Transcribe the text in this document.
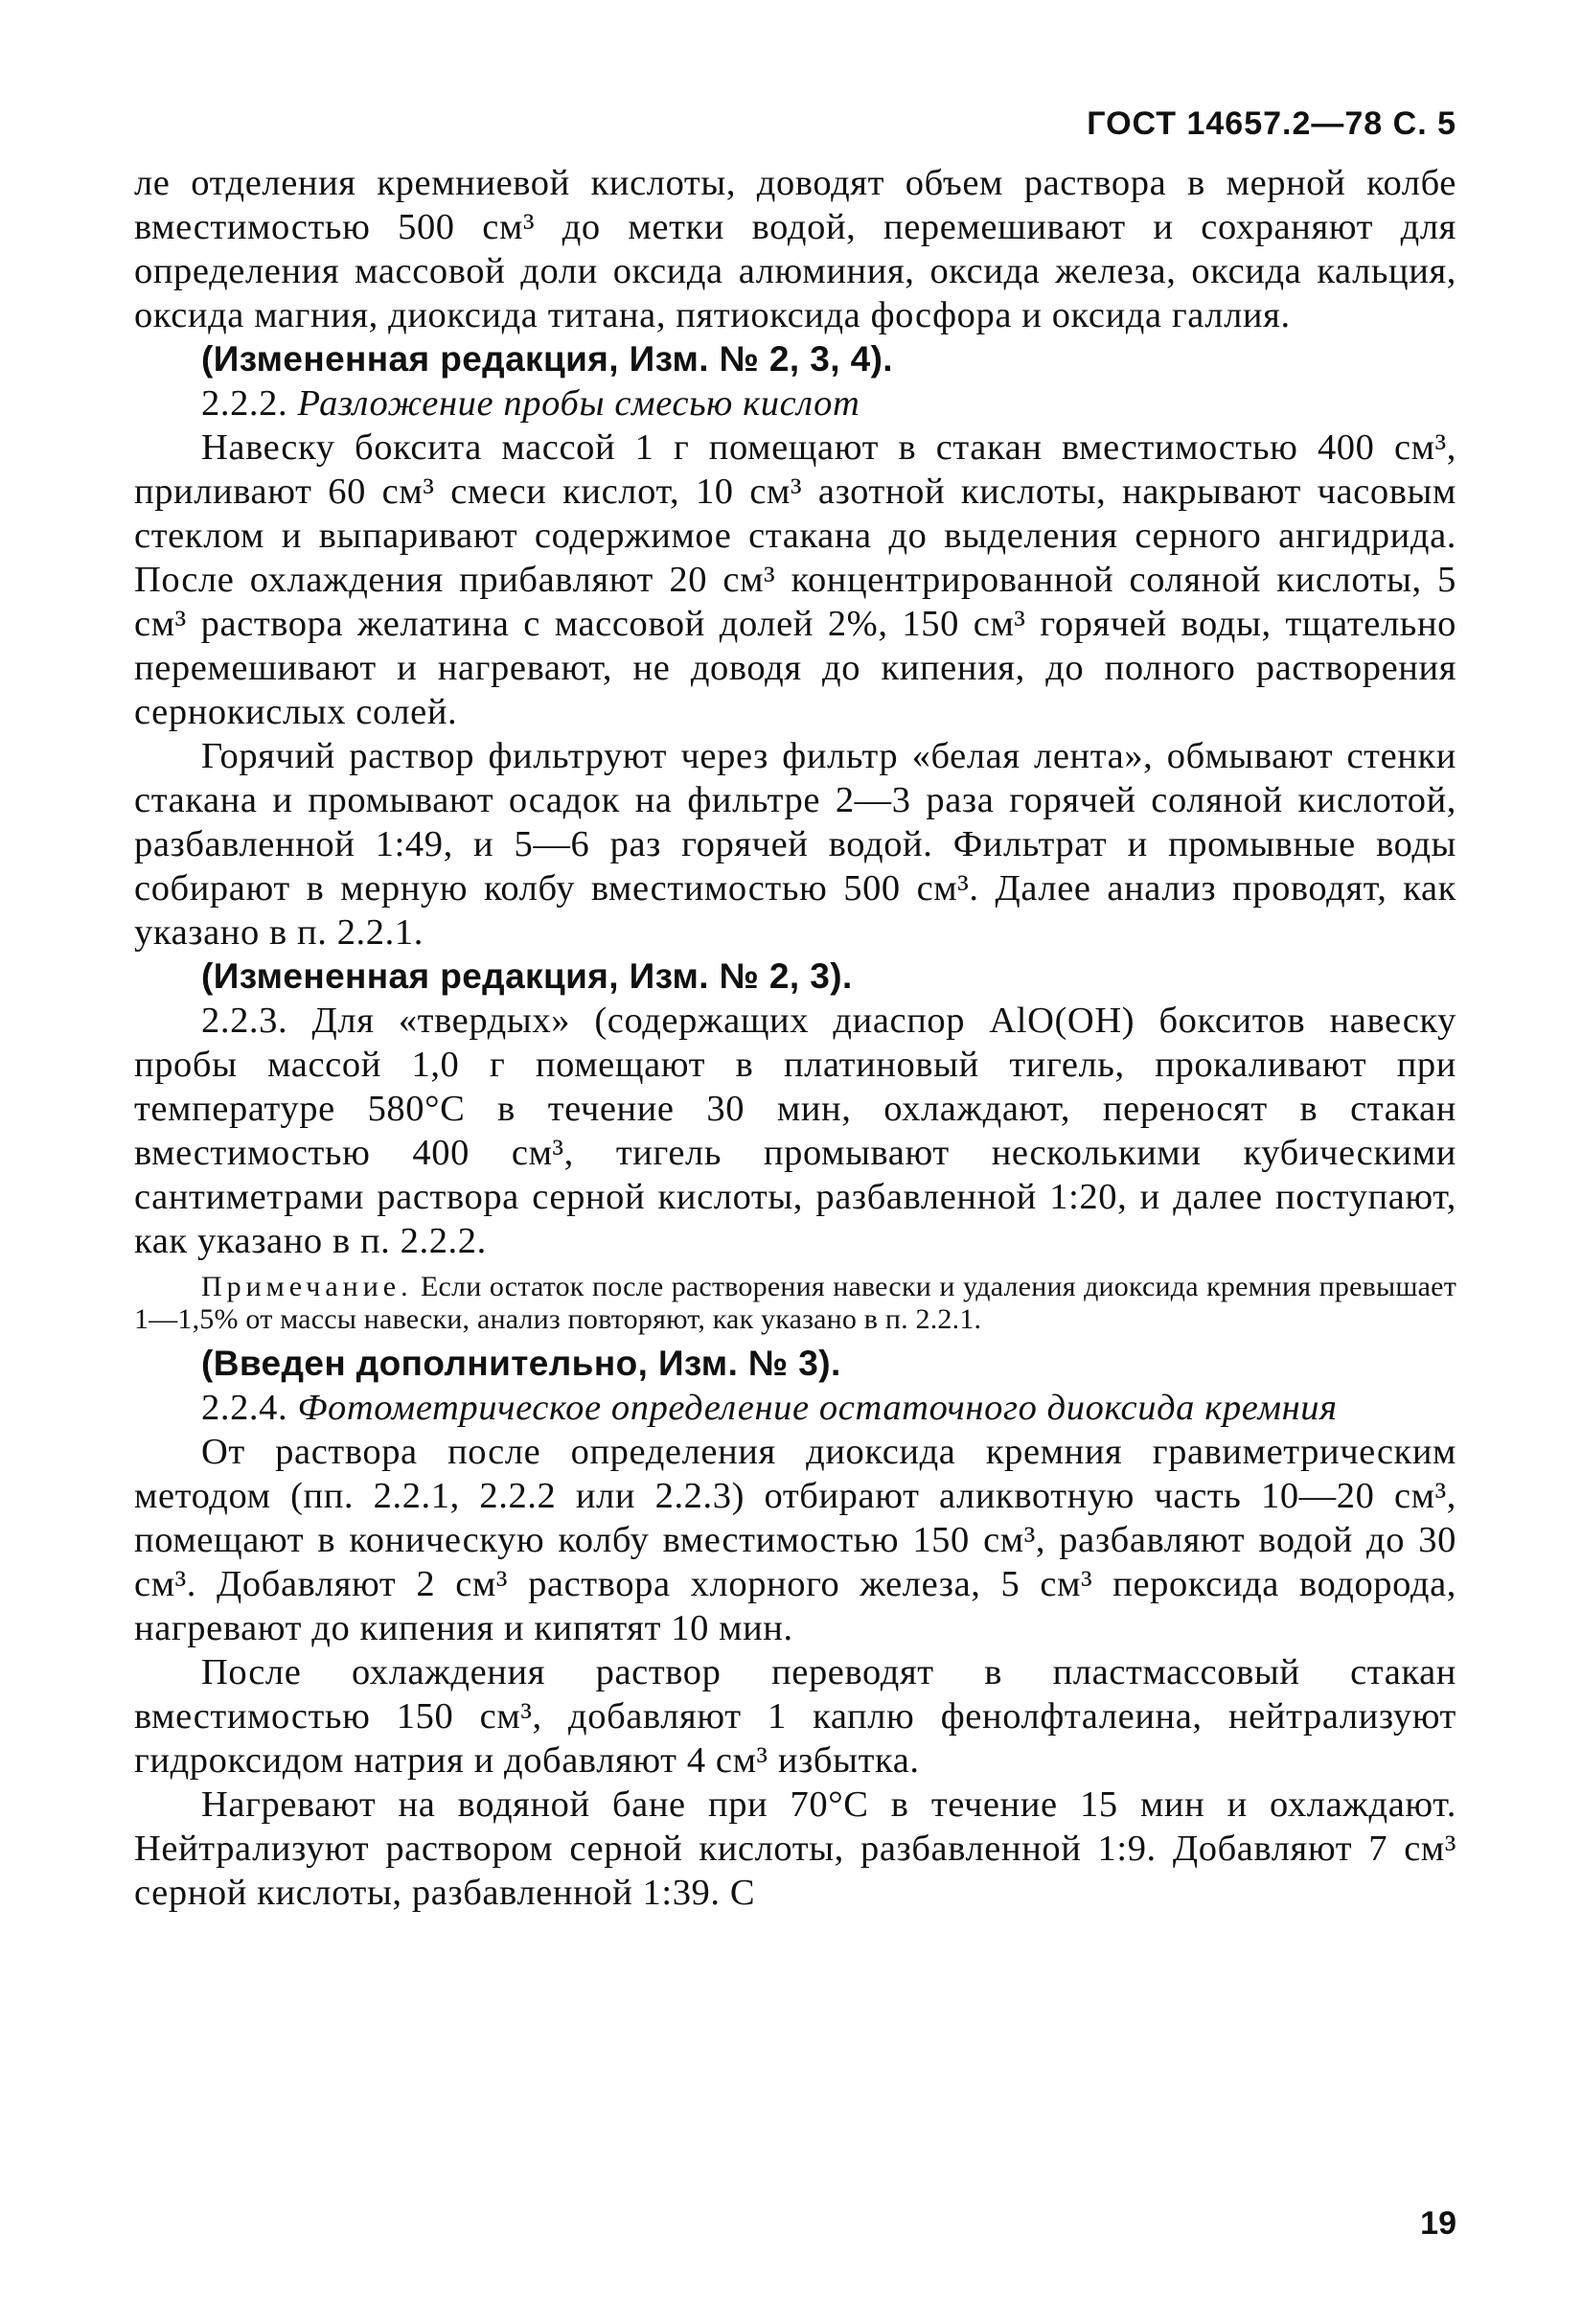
ГОСТ 14657.2—78 С. 5

ле отделения кремниевой кислоты, доводят объем раствора в мерной колбе вместимостью 500 см³ до метки водой, перемешивают и сохраняют для определения массовой доли оксида алюминия, оксида железа, оксида кальция, оксида магния, диоксида титана, пятиоксида фосфора и оксида галлия.

(Измененная редакция, Изм. № 2, 3, 4).

2.2.2. Разложение пробы смесью кислот

Навеску боксита массой 1 г помещают в стакан вместимостью 400 см³, приливают 60 см³ смеси кислот, 10 см³ азотной кислоты, накрывают часовым стеклом и выпаривают содержимое стакана до выделения серного ангидрида. После охлаждения прибавляют 20 см³ концентрированной соляной кислоты, 5 см³ раствора желатина с массовой долей 2%, 150 см³ горячей воды, тщательно перемешивают и нагревают, не доводя до кипения, до полного растворения сернокислых солей.

Горячий раствор фильтруют через фильтр «белая лента», обмывают стенки стакана и промывают осадок на фильтре 2—3 раза горячей соляной кислотой, разбавленной 1:49, и 5—6 раз горячей водой. Фильтрат и промывные воды собирают в мерную колбу вместимостью 500 см³. Далее анализ проводят, как указано в п. 2.2.1.

(Измененная редакция, Изм. № 2, 3).

2.2.3. Для «твердых» (содержащих диаспор AlO(OH) бокситов навеску пробы массой 1,0 г помещают в платиновый тигель, прокаливают при температуре 580°С в течение 30 мин, охлаждают, переносят в стакан вместимостью 400 см³, тигель промывают несколькими кубическими сантиметрами раствора серной кислоты, разбавленной 1:20, и далее поступают, как указано в п. 2.2.2.

Примечание. Если остаток после растворения навески и удаления диоксида кремния превышает 1—1,5% от массы навески, анализ повторяют, как указано в п. 2.2.1.

(Введен дополнительно, Изм. № 3).

2.2.4. Фотометрическое определение остаточного диоксида кремния

От раствора после определения диоксида кремния гравиметрическим методом (пп. 2.2.1, 2.2.2 или 2.2.3) отбирают аликвотную часть 10—20 см³, помещают в коническую колбу вместимостью 150 см³, разбавляют водой до 30 см³. Добавляют 2 см³ раствора хлорного железа, 5 см³ пероксида водорода, нагревают до кипения и кипятят 10 мин.

После охлаждения раствор переводят в пластмассовый стакан вместимостью 150 см³, добавляют 1 каплю фенолфталеина, нейтрализуют гидроксидом натрия и добавляют 4 см³ избытка.

Нагревают на водяной бане при 70°С в течение 15 мин и охлаждают. Нейтрализуют раствором серной кислоты, разбавленной 1:9. Добавляют 7 см³ серной кислоты, разбавленной 1:39. С

19
